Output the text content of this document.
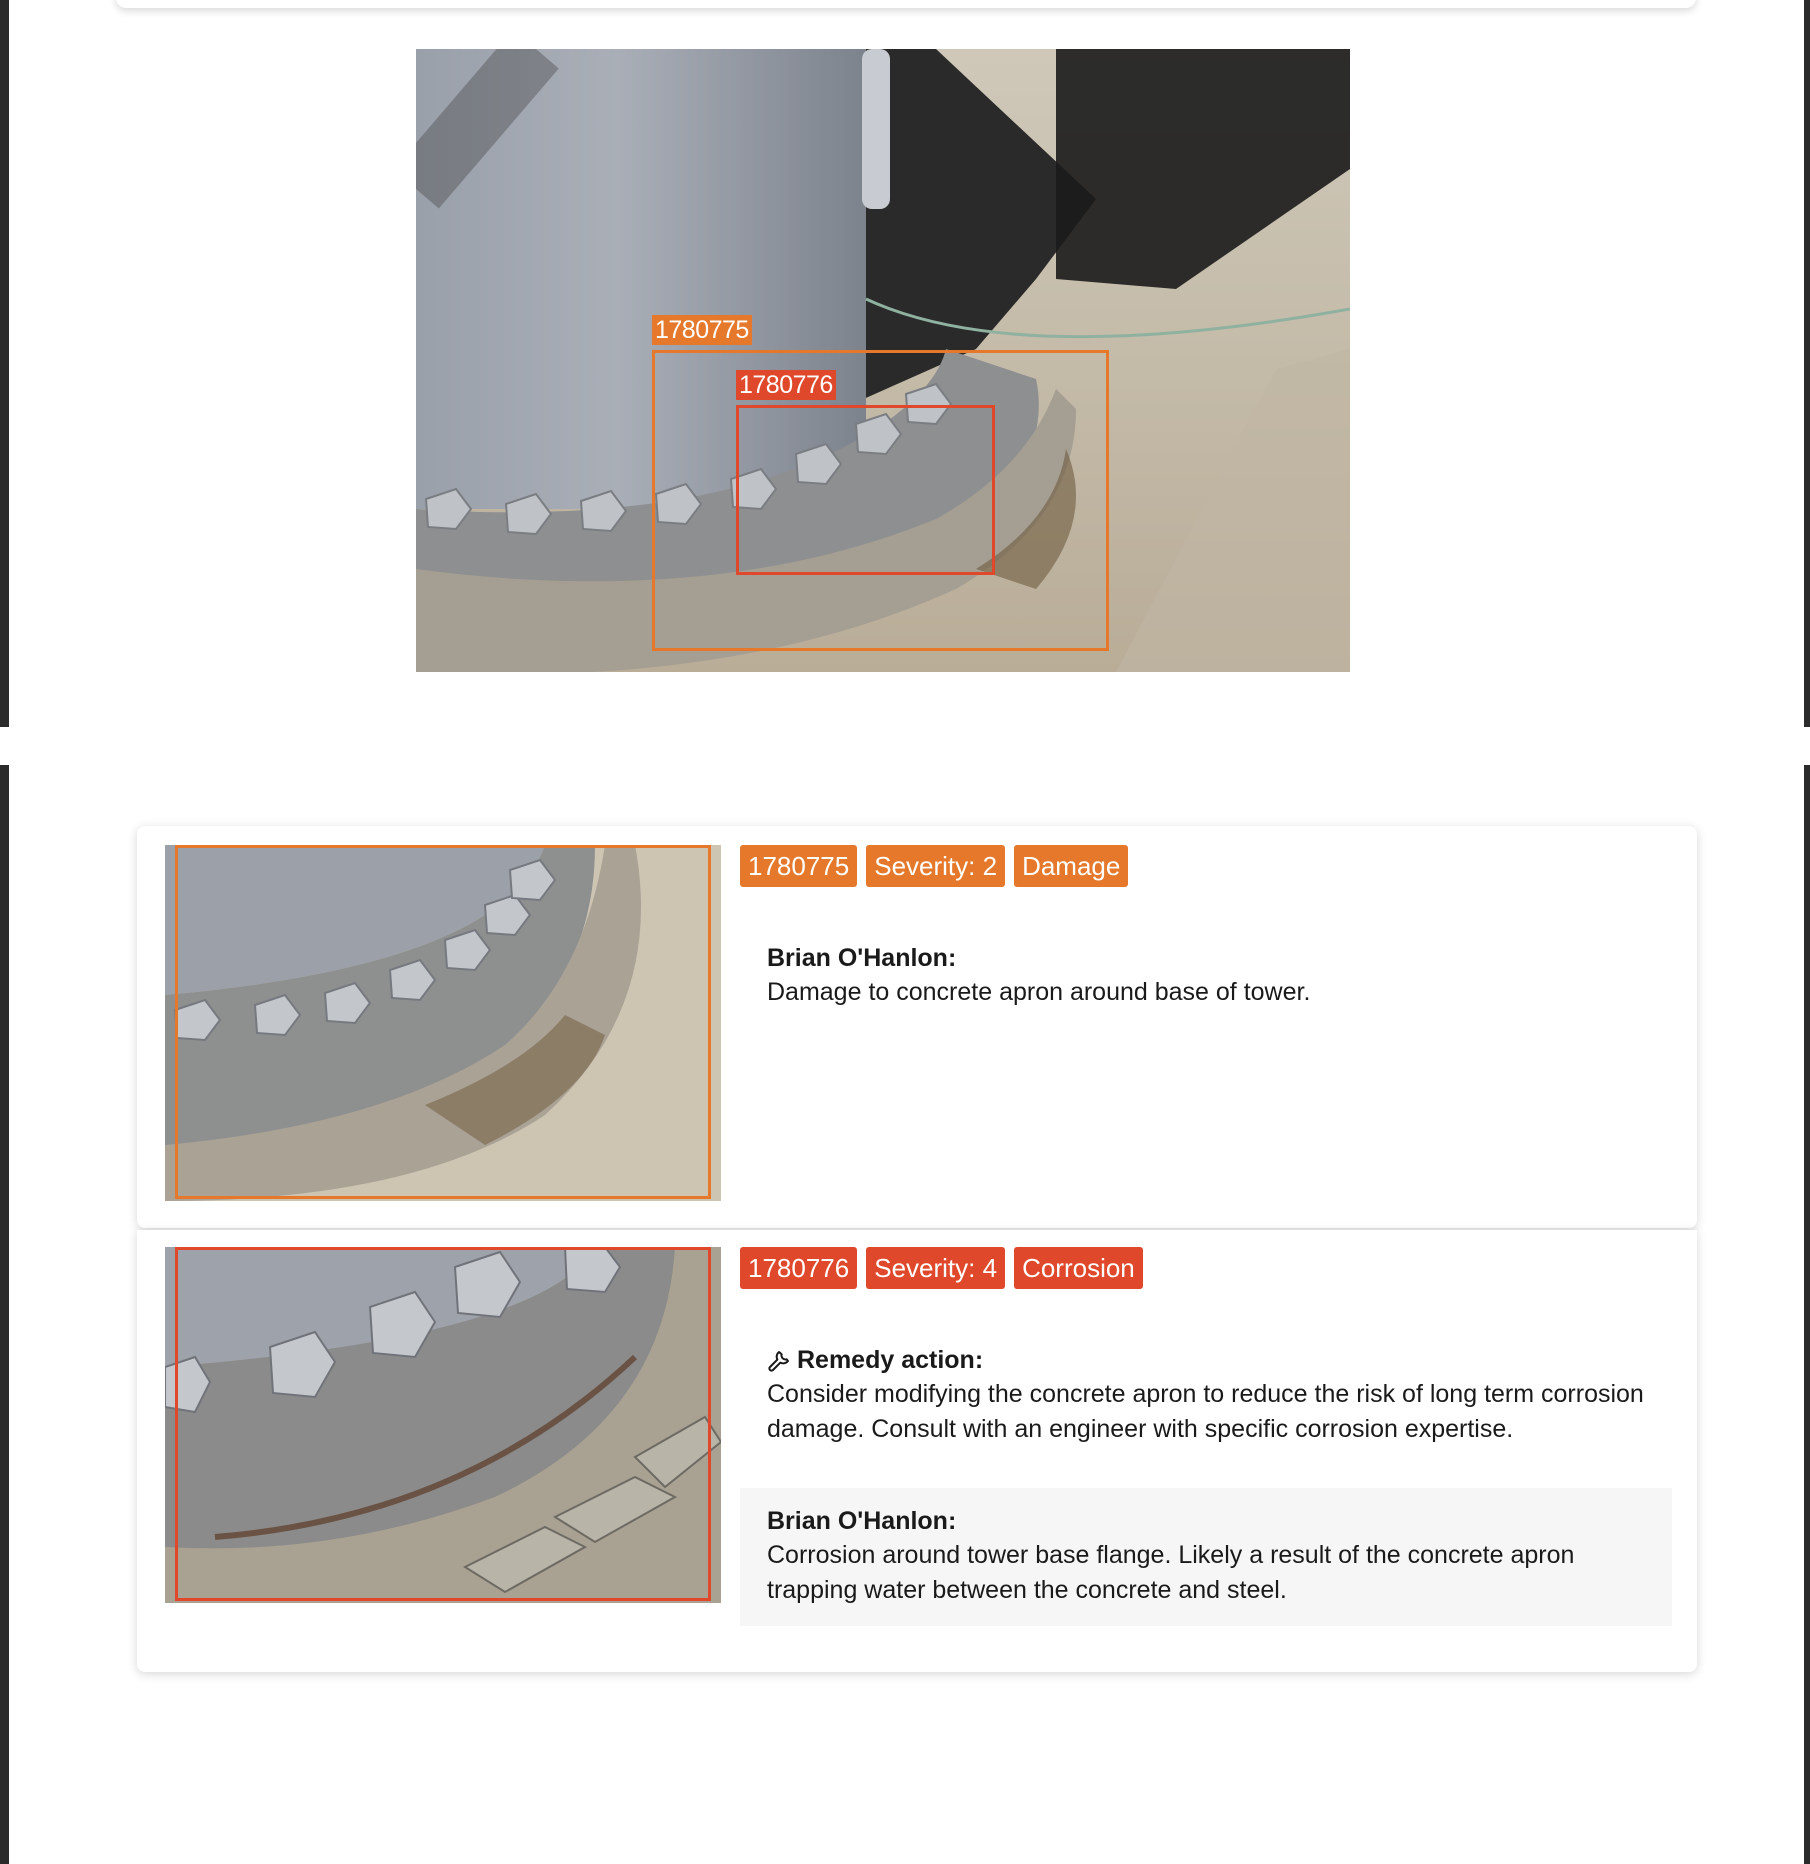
1780775
1780776
1780775 Severity: 2 Damage
Brian O'Hanlon:
Damage to concrete apron around base of tower.
1780776 Severity: 4 Corrosion
Remedy action:
Consider modifying the concrete apron to reduce the risk of long term corrosion damage. Consult with an engineer with specific corrosion expertise.
Brian O'Hanlon:
Corrosion around tower base flange. Likely a result of the concrete apron trapping water between the concrete and steel.
